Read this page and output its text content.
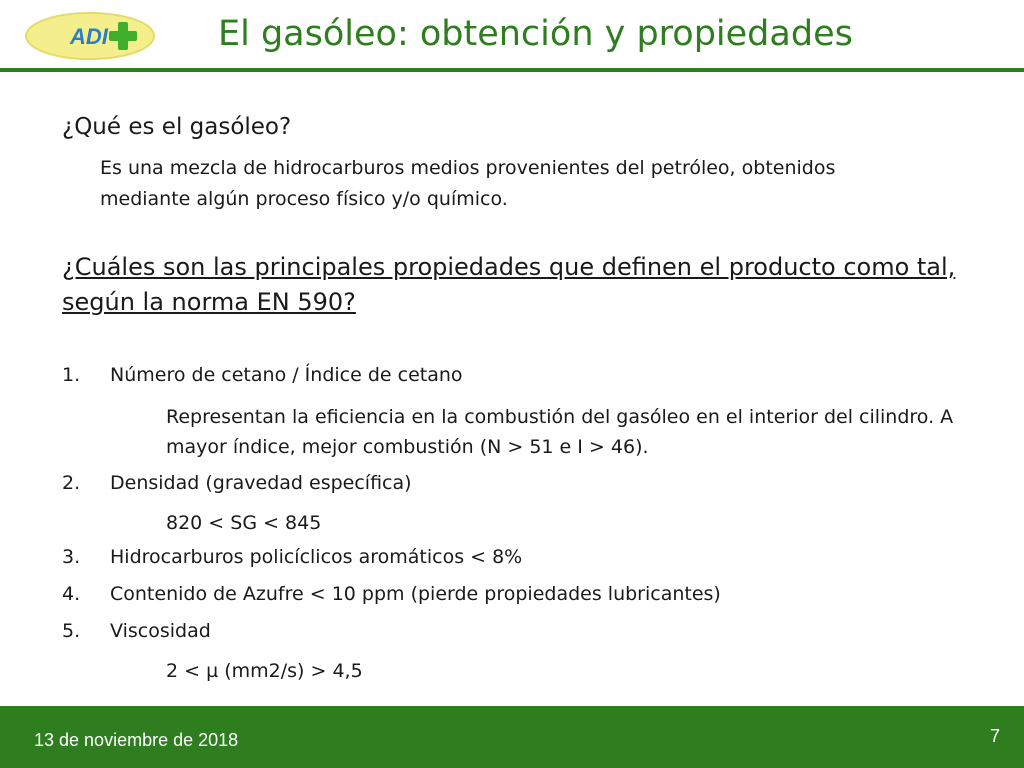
ADI	El gasóleo: obtención y propiedades
¿Qué es el gasóleo?
Es una mezcla de hidrocarburos medios provenientes del petróleo, obtenidos mediante algún proceso físico y/o químico.
¿Cuáles son las principales propiedades que definen el producto como tal, según la norma EN 590?
1. Número de cetano / Índice de cetano
Representan la eficiencia en la combustión del gasóleo en el interior del cilindro. A mayor índice, mejor combustión (N > 51 e I > 46).
2. Densidad (gravedad específica)
820 < SG < 845
3. Hidrocarburos policíclicos aromáticos < 8%
4. Contenido de Azufre < 10 ppm (pierde propiedades lubricantes)
5. Viscosidad
2 < µ (mm2/s) > 4,5
13 de noviembre de 2018	7
